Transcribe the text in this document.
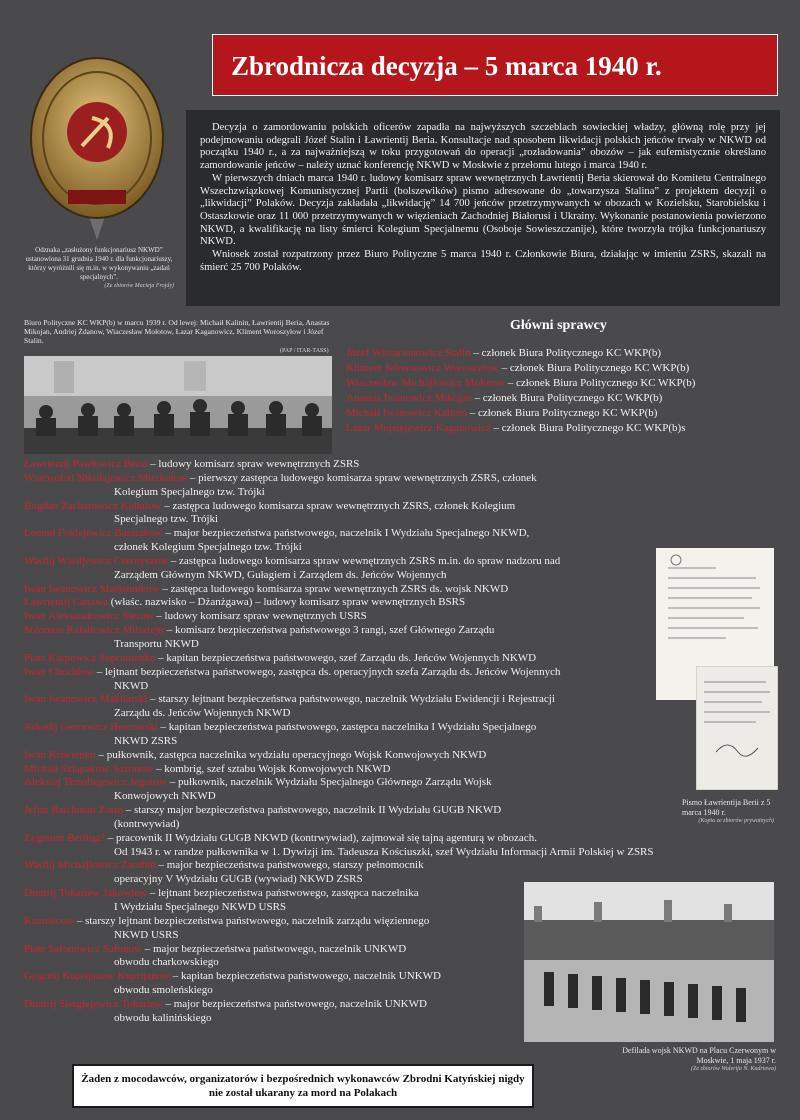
Odznaka „zasłużony funkcjonariusz NKWD” ustanowiona 31 grudnia 1940 r. dla funkcjonariuszy, którzy wyróżnili się m.in. w wykonywaniu „zadań specjalnych”.
(Ze zbiorów Macieja Frojdy)
Zbrodnicza decyzja – 5 marca 1940 r.

Decyzja o zamordowaniu polskich oficerów zapadła na najwyższych szczeblach sowieckiej władzy, główną rolę przy jej podejmowaniu odegrali Józef Stalin i Ławrientij Beria. Konsultacje nad sposobem likwidacji polskich jeńców trwały w NKWD od początku 1940 r., a za najważniejszą w toku przygotowań do operacji „rozładowania” obozów – jak eufemistycznie określano zamordowanie jeńców – należy uznać konferencję NKWD w Moskwie z przełomu lutego i marca 1940 r.

W pierwszych dniach marca 1940 r. ludowy komisarz spraw wewnętrznych Ławrientij Beria skierował do Komitetu Centralnego Wszechzwiązkowej Komunistycznej Partii (bolszewików) pismo adresowane do „towarzysza Stalina” z projektem decyzji o „likwidacji” Polaków. Decyzja zakładała „likwidację” 14 700 jeńców przetrzymywanych w obozach w Kozielsku, Starobielsku i Ostaszkowie oraz 11 000 przetrzymywanych w więzieniach Zachodniej Białorusi i Ukrainy. Wykonanie postanowienia powierzono NKWD, a kwalifikację na listy śmierci Kolegium Specjalnemu (Osoboje Sowieszczanije), które tworzyła trójka funkcjonariuszy NKWD.

Wniosek został rozpatrzony przez Biuro Polityczne 5 marca 1940 r. Członkowie Biura, działając w imieniu ZSRS, skazali na śmierć 25 700 Polaków.

Biuro Polityczne KC WKP(b) w marcu 1939 r. Od lewej: Michaił Kalinin, Ławrientij Beria, Anastas Mikojan, Andriej Żdanow, Wiaczesław Mołotow, Łazar Kaganowicz, Kliment Woroszyłow i Józef Stalin.
(PAP / ITAR-TASS)
Główni sprawcy
Józef Wissarionowicz Stalin – członek Biura Politycznego KC WKP(b)
Kliment Jefremowicz Woroszyłow – członek Biura Politycznego KC WKP(b)
Wiaczesław Michajłowicz Mołotow – członek Biura Politycznego KC WKP(b)
Anastas Iwanowicz Mikojan – członek Biura Politycznego KC WKP(b)
Michaił Iwanowicz Kalinin – członek Biura Politycznego KC WKP(b)
Łazar Mojsiejewicz Kaganowicz – członek Biura Politycznego KC WKP(b)s
Ławrientij Pawłowicz Beria – ludowy komisarz spraw wewnętrznych ZSRS
Wsiewołod Nikołajewicz Mierkułow – pierwszy zastępca ludowego komisarza spraw wewnętrznych ZSRS, członek
Kolegium Specjalnego tzw. Trójki
Bogdan Zacharowicz Kobułow – zastępca ludowego komisarza spraw wewnętrznych ZSRS, członek Kolegium
Specjalnego tzw. Trójki
Leonid Fokiejewicz Basztakow – major bezpieczeństwa państwowego, naczelnik I Wydziału Specjalnego NKWD,
członek Kolegium Specjalnego tzw. Trójki
Wasilij Wasiljewicz Czernyszow – zastępca ludowego komisarza spraw wewnętrznych ZSRS m.in. do spraw nadzoru nad
Zarządem Głównym NKWD, Gułagiem i Zarządem ds. Jeńców Wojennych
Iwan Iwanowicz Maslennikow – zastępca ludowego komisarza spraw wewnętrznych ZSRS ds. wojsk NKWD
Ławrientij Canawa (właśc. nazwisko – Dżanżgawa) – ludowy komisarz spraw wewnętrznych BSRS
Iwan Aleksandrowicz Sierow – ludowy komisarz spraw wewnętrznych USRS
Solomon Rafaiłowicz Milsztejn – komisarz bezpieczeństwa państwowego 3 rangi, szef Głównego Zarządu
Transportu NKWD
Piotr Karpowicz Soprunienko – kapitan bezpieczeństwa państwowego, szef Zarządu ds. Jeńców Wojennych NKWD
Iwan Chochłow – lejtnant bezpieczeństwa państwowego, zastępca ds. operacyjnych szefa Zarządu ds. Jeńców Wojennych
NKWD
Iwan Iwanowicz Makliarski – starszy lejtnant bezpieczeństwa państwowego, naczelnik Wydziału Ewidencji i Rejestracji
Zarządu ds. Jeńców Wojennych NKWD
Arkadij Gercewicz Hercowski – kapitan bezpieczeństwa państwowego, zastępca naczelnika I Wydziału Specjalnego
NKWD ZSRS
Iwan Kriwienko – pułkownik, zastępca naczelnika wydziału operacyjnego Wojsk Konwojowych NKWD
Michaił Szlapakow-Sazonow – kombrig, szef sztabu Wojsk Konwojowych NKWD
Aleksiej Timofiejewicz Jegorow – pułkownik, naczelnik Wydziału Specjalnego Głównego Zarządu Wojsk
Konwojowych NKWD
Jefim Raichman Zorin – starszy major bezpieczeństwa państwowego, naczelnik II Wydziału GUGB NKWD
(kontrwywiad)
Zygmunt Berling? – pracownik II Wydziału GUGB NKWD (kontrwywiad), zajmował się tajną agenturą w obozach.
Od 1943 r. w randze pułkownika w 1. Dywizji im. Tadeusza Kościuszki, szef Wydziału Informacji Armii Polskiej w ZSRS
Wasilij Michajłowicz Zarubin – major bezpieczeństwa państwowego, starszy pełnomocnik
operacyjny V Wydziału GUGB (wywiad) NKWD ZSRS
Dmitrij Tokariew Jakowlew – lejtnant bezpieczeństwa państwowego, zastępca naczelnika
I Wydziału Specjalnego NKWD USRS
Kuzniecow – starszy lejtnant bezpieczeństwa państwowego, naczelnik zarządu więziennego
NKWD USRS
Piotr Safonowicz Safonow – major bezpieczeństwa państwowego, naczelnik UNKWD
obwodu charkowskiego
Grigorij Kuprijanow Kuprijanow – kapitan bezpieczeństwa państwowego, naczelnik UNKWD
obwodu smoleńskiego
Dmitrij Siergiejewicz Tokariew – major bezpieczeństwa państwowego, naczelnik UNKWD
obwodu kalinińskiego
Pismo Ławrientija Berii z 5 marca 1940 r.
(Kopia ze zbiorów prywatnych)
Defilada wojsk NKWD na Placu Czerwonym w Moskwie, 1 maja 1937 r.
(Ze zbiorów Walerija N. Kudriewa)
Żaden z mocodawców, organizatorów i bezpośrednich wykonawców Zbrodni Katyńskiej nigdy nie został ukarany za mord na Polakach
